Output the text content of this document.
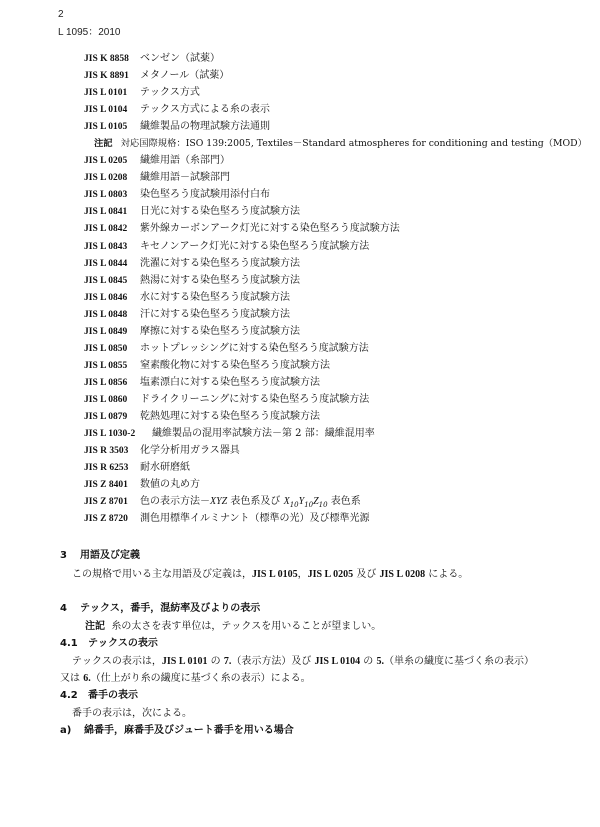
2
L 1095：2010
JIS K 8858 ベンゼン（試薬）
JIS K 8891 メタノール（試薬）
JIS L 0101 テックス方式
JIS L 0104 テックス方式による糸の表示
JIS L 0105 繊維製品の物理試験方法通則
注記 対応国際規格：ISO 139:2005, Textiles－Standard atmospheres for conditioning and testing（MOD）
JIS L 0205 繊維用語（糸部門）
JIS L 0208 繊維用語－試験部門
JIS L 0803 染色堅ろう度試験用添付白布
JIS L 0841 日光に対する染色堅ろう度試験方法
JIS L 0842 紫外線カーボンアーク灯光に対する染色堅ろう度試験方法
JIS L 0843 キセノンアーク灯光に対する染色堅ろう度試験方法
JIS L 0844 洗濯に対する染色堅ろう度試験方法
JIS L 0845 熱湯に対する染色堅ろう度試験方法
JIS L 0846 水に対する染色堅ろう度試験方法
JIS L 0848 汗に対する染色堅ろう度試験方法
JIS L 0849 摩擦に対する染色堅ろう度試験方法
JIS L 0850 ホットプレッシングに対する染色堅ろう度試験方法
JIS L 0855 窒素酸化物に対する染色堅ろう度試験方法
JIS L 0856 塩素漂白に対する染色堅ろう度試験方法
JIS L 0860 ドライクリーニングに対する染色堅ろう度試験方法
JIS L 0879 乾熱処理に対する染色堅ろう度試験方法
JIS L 1030-2 繊維製品の混用率試験方法－第 2 部：繊維混用率
JIS R 3503 化学分析用ガラス器具
JIS R 6253 耐水研磨紙
JIS Z 8401 数値の丸め方
JIS Z 8701 色の表示方法－XYZ 表色系及び $X_{10}Y_{10}Z_{10}$ 表色系
JIS Z 8720 測色用標準イルミナント（標準の光）及び標準光源
3 用語及び定義
この規格で用いる主な用語及び定義は，JIS L 0105，JIS L 0205 及び JIS L 0208 による。
4 テックス，番手，混紡率及びよりの表示
注記 糸の太さを表す単位は，テックスを用いることが望ましい。
4.1 テックスの表示
テックスの表示は，JIS L 0101 の 7.（表示方法）及び JIS L 0104 の 5.（単糸の繊度に基づく糸の表示）
又は 6.（仕上がり糸の繊度に基づく糸の表示）による。
4.2 番手の表示
番手の表示は，次による。
a) 綿番手，麻番手及びジュート番手を用いる場合
